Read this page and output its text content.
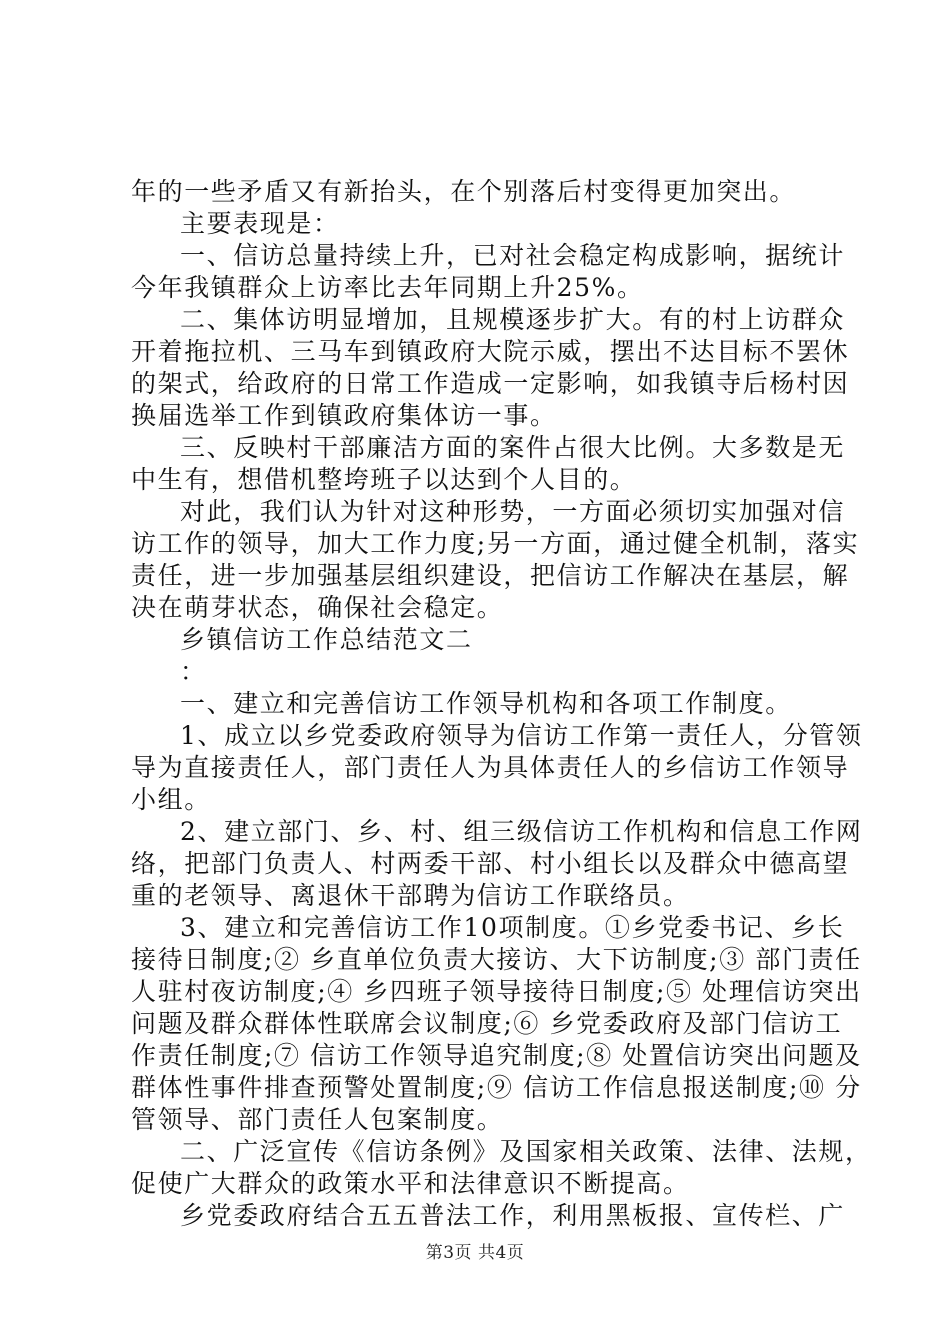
年的一些矛盾又有新抬头，在个别落后村变得更加突出。
主要表现是：
一、信访总量持续上升，已对社会稳定构成影响，据统计
今年我镇群众上访率比去年同期上升25%。
二、集体访明显增加，且规模逐步扩大。有的村上访群众
开着拖拉机、三马车到镇政府大院示威，摆出不达目标不罢休
的架式，给政府的日常工作造成一定影响，如我镇寺后杨村因
换届选举工作到镇政府集体访一事。
三、反映村干部廉洁方面的案件占很大比例。大多数是无
中生有，想借机整垮班子以达到个人目的。
对此，我们认为针对这种形势，一方面必须切实加强对信
访工作的领导，加大工作力度;另一方面，通过健全机制，落实
责任，进一步加强基层组织建设，把信访工作解决在基层，解
决在萌芽状态，确保社会稳定。
乡镇信访工作总结范文二
：
一、建立和完善信访工作领导机构和各项工作制度。
1、成立以乡党委政府领导为信访工作第一责任人，分管领
导为直接责任人，部门责任人为具体责任人的乡信访工作领导
小组。
2、建立部门、乡、村、组三级信访工作机构和信息工作网
络，把部门负责人、村两委干部、村小组长以及群众中德高望
重的老领导、离退休干部聘为信访工作联络员。
3、建立和完善信访工作10项制度。①乡党委书记、乡长
接待日制度;② 乡直单位负责大接访、大下访制度;③ 部门责任
人驻村夜访制度;④ 乡四班子领导接待日制度;⑤ 处理信访突出
问题及群众群体性联席会议制度;⑥ 乡党委政府及部门信访工
作责任制度;⑦ 信访工作领导追究制度;⑧ 处置信访突出问题及
群体性事件排查预警处置制度;⑨ 信访工作信息报送制度;⑩ 分
管领导、部门责任人包案制度。
二、广泛宣传《信访条例》及国家相关政策、法律、法规，
促使广大群众的政策水平和法律意识不断提高。
乡党委政府结合五五普法工作，利用黑板报、宣传栏、广
第3页 共4页
